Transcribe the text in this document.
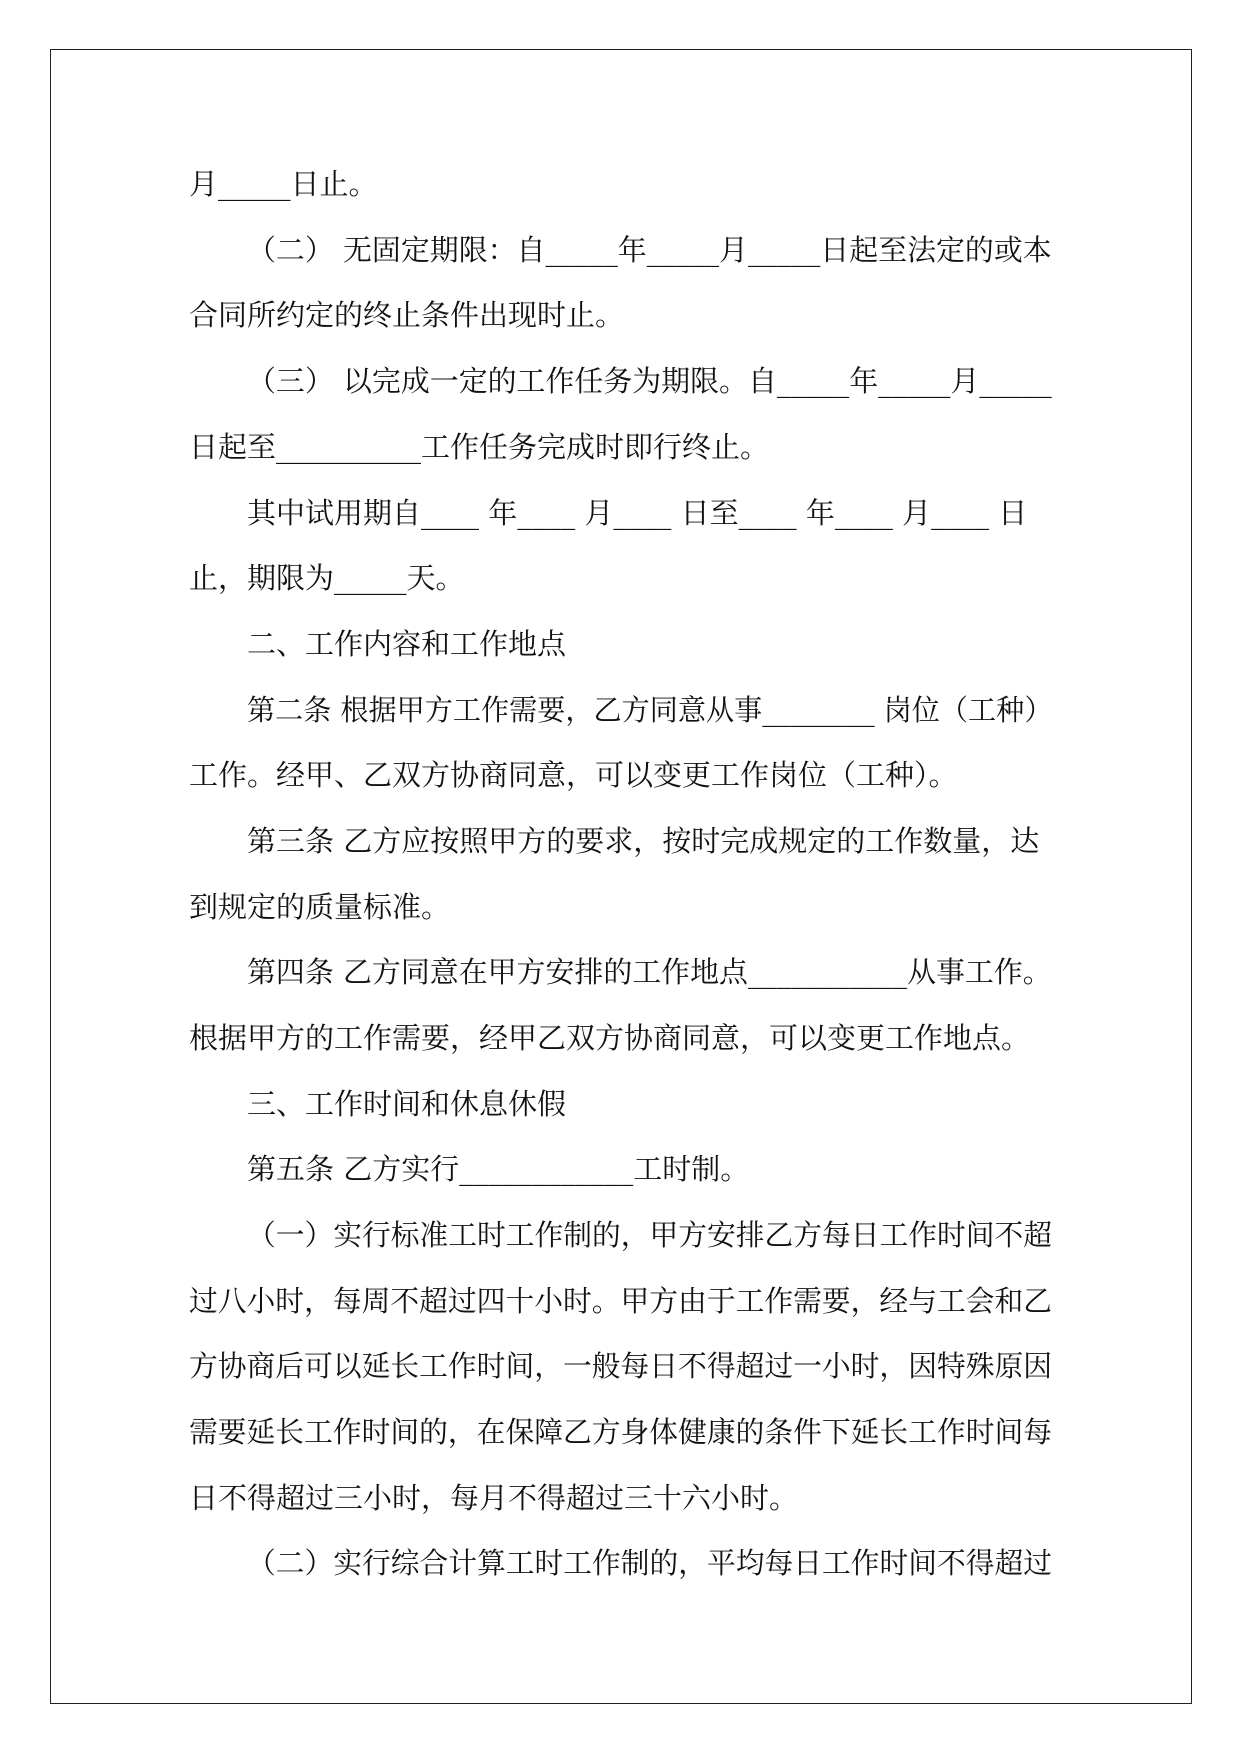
月_____日止。
（二） 无固定期限：自_____年_____月_____日起至法定的或本
合同所约定的终止条件出现时止。
（三） 以完成一定的工作任务为期限。自_____年_____月_____
日起至__________工作任务完成时即行终止。
其中试用期自____ 年____ 月____ 日至____ 年____ 月____ 日
止，期限为_____天。
二、工作内容和工作地点
第二条 根据甲方工作需要，乙方同意从事________ 岗位（工种）
工作。经甲、乙双方协商同意，可以变更工作岗位（工种）。
第三条 乙方应按照甲方的要求，按时完成规定的工作数量，达
到规定的质量标准。
第四条 乙方同意在甲方安排的工作地点___________从事工作。
根据甲方的工作需要，经甲乙双方协商同意，可以变更工作地点。
三、工作时间和休息休假
第五条 乙方实行____________工时制。
（一）实行标准工时工作制的，甲方安排乙方每日工作时间不超
过八小时，每周不超过四十小时。甲方由于工作需要，经与工会和乙
方协商后可以延长工作时间，一般每日不得超过一小时，因特殊原因
需要延长工作时间的，在保障乙方身体健康的条件下延长工作时间每
日不得超过三小时，每月不得超过三十六小时。
（二）实行综合计算工时工作制的，平均每日工作时间不得超过
